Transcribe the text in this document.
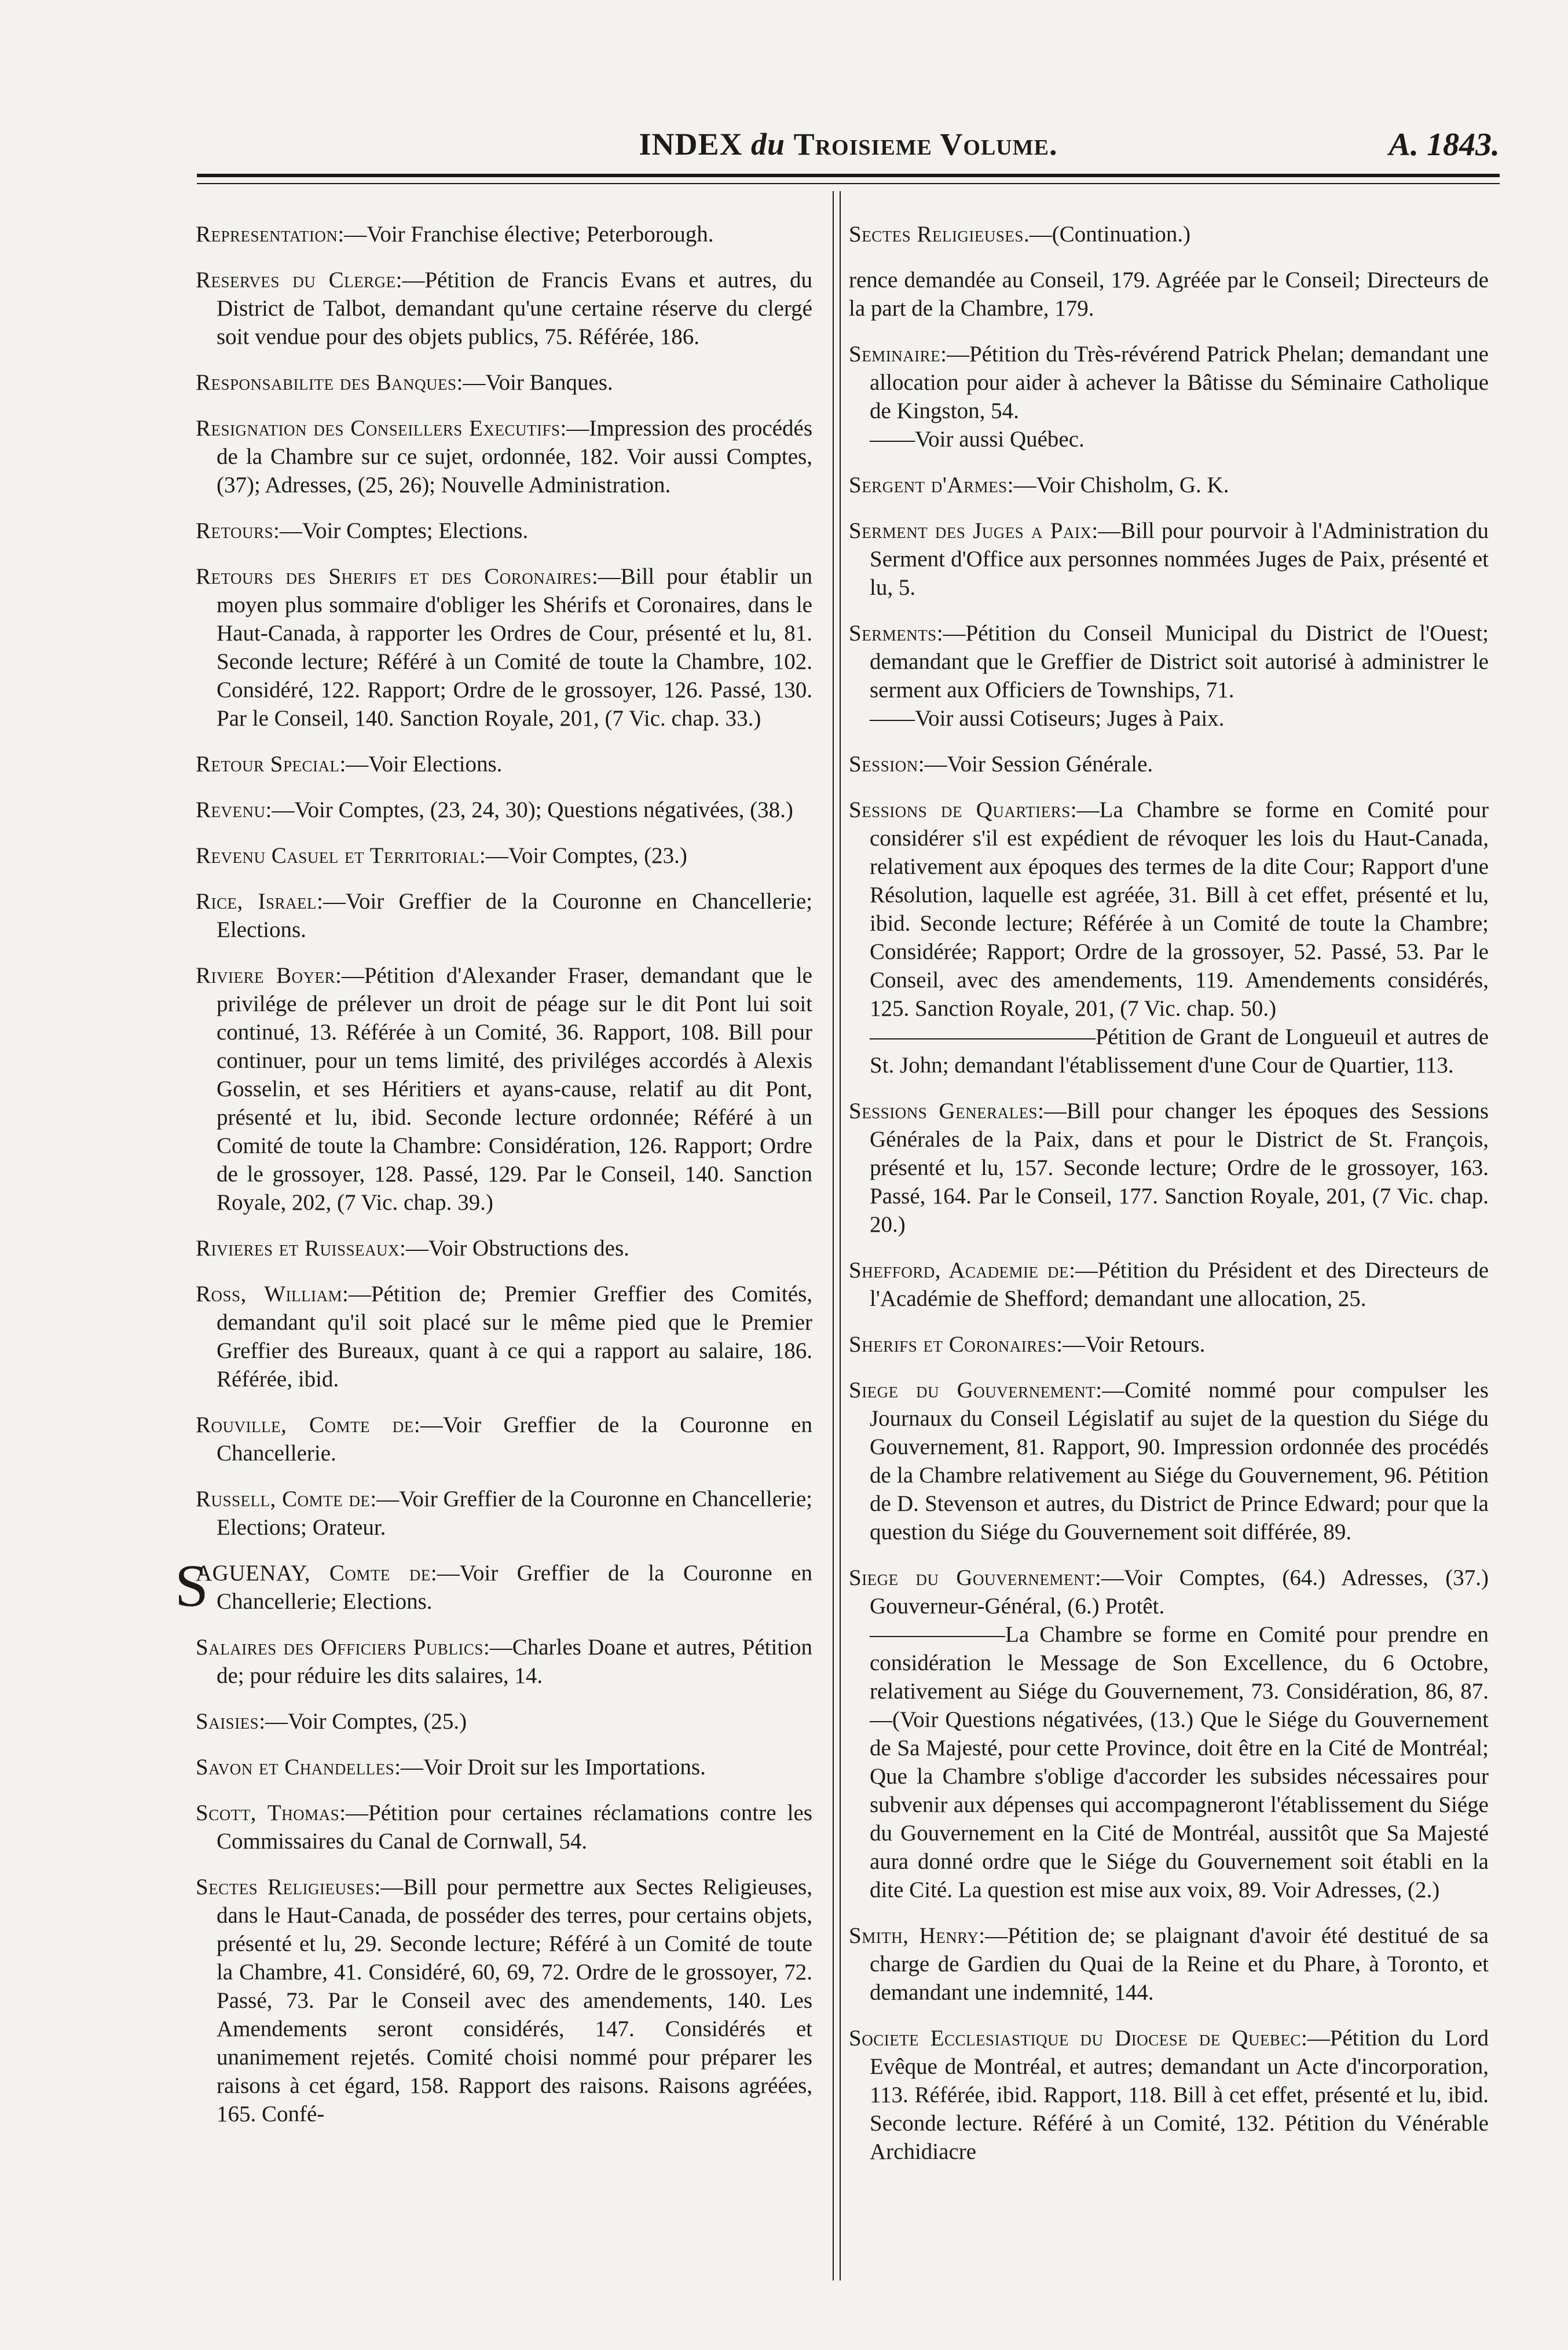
INDEX du Troisieme Volume.	A. 1843.
Representation:—Voir Franchise élective; Peterborough.
Reserves du Clerge:—Pétition de Francis Evans et autres, du District de Talbot, demandant qu'une certaine réserve du clergé soit vendue pour des objets publics, 75. Référée, 186.
Responsabilite des Banques:—Voir Banques.
Resignation des Conseillers Executifs:—Impression des procédés de la Chambre sur ce sujet, ordonnée, 182. Voir aussi Comptes, (37); Adresses, (25, 26); Nouvelle Administration.
Retours:—Voir Comptes; Elections.
Retours des Sherifs et des Coronaires:—Bill pour établir un moyen plus sommaire d'obliger les Shérifs et Coronaires, dans le Haut-Canada, à rapporter les Ordres de Cour, présenté et lu, 81. Seconde lecture; Référé à un Comité de toute la Chambre, 102. Considéré, 122. Rapport; Ordre de le grossoyer, 126. Passé, 130. Par le Conseil, 140. Sanction Royale, 201, (7 Vic. chap. 33.)
Retour Special:—Voir Elections.
Revenu:—Voir Comptes, (23, 24, 30); Questions négativées, (38.)
Revenu Casuel et Territorial:—Voir Comptes, (23.)
Rice, Israel:—Voir Greffier de la Couronne en Chancellerie; Elections.
Riviere Boyer:—Pétition d'Alexander Fraser, demandant que le privilége de prélever un droit de péage sur le dit Pont lui soit continué, 13. Référée à un Comité, 36. Rapport, 108. Bill pour continuer, pour un tems limité, des priviléges accordés à Alexis Gosselin, et ses Héritiers et ayans-cause, relatif au dit Pont, présenté et lu, ibid. Seconde lecture ordonnée; Référé à un Comité de toute la Chambre: Considération, 126. Rapport; Ordre de le grossoyer, 128. Passé, 129. Par le Conseil, 140. Sanction Royale, 202, (7 Vic. chap. 39.)
Rivieres et Ruisseaux:—Voir Obstructions des.
Ross, William:—Pétition de; Premier Greffier des Comités, demandant qu'il soit placé sur le même pied que le Premier Greffier des Bureaux, quant à ce qui a rapport au salaire, 186. Référée, ibid.
Rouville, Comte de:—Voir Greffier de la Couronne en Chancellerie.
Russell, Comte de:—Voir Greffier de la Couronne en Chancellerie; Elections; Orateur.
S
AGUENAY, Comte de:—Voir Greffier de la Couronne en Chancellerie; Elections.
Salaires des Officiers Publics:—Charles Doane et autres, Pétition de; pour réduire les dits salaires, 14.
Saisies:—Voir Comptes, (25.)
Savon et Chandelles:—Voir Droit sur les Importations.
Scott, Thomas:—Pétition pour certaines réclamations contre les Commissaires du Canal de Cornwall, 54.
Sectes Religieuses:—Bill pour permettre aux Sectes Religieuses, dans le Haut-Canada, de posséder des terres, pour certains objets, présenté et lu, 29. Seconde lecture; Référé à un Comité de toute la Chambre, 41. Considéré, 60, 69, 72. Ordre de le grossoyer, 72. Passé, 73. Par le Conseil avec des amendements, 140. Les Amendements seront considérés, 147. Considérés et unanimement rejetés. Comité choisi nommé pour préparer les raisons à cet égard, 158. Rapport des raisons. Raisons agréées, 165. Confé-
Sectes Religieuses.—(Continuation.)
rence demandée au Conseil, 179. Agréée par le Conseil; Directeurs de la part de la Chambre, 179.
Seminaire:—Pétition du Très-révérend Patrick Phelan; demandant une allocation pour aider à achever la Bâtisse du Séminaire Catholique de Kingston, 54.
——Voir aussi Québec.
Sergent d'Armes:—Voir Chisholm, G. K.
Serment des Juges a Paix:—Bill pour pourvoir à l'Administration du Serment d'Office aux personnes nommées Juges de Paix, présenté et lu, 5.
Serments:—Pétition du Conseil Municipal du District de l'Ouest; demandant que le Greffier de District soit autorisé à administrer le serment aux Officiers de Townships, 71.
——Voir aussi Cotiseurs; Juges à Paix.
Session:—Voir Session Générale.
Sessions de Quartiers:—La Chambre se forme en Comité pour considérer s'il est expédient de révoquer les lois du Haut-Canada, relativement aux époques des termes de la dite Cour; Rapport d'une Résolution, laquelle est agréée, 31. Bill à cet effet, présenté et lu, ibid. Seconde lecture; Référée à un Comité de toute la Chambre; Considérée; Rapport; Ordre de la grossoyer, 52. Passé, 53. Par le Conseil, avec des amendements, 119. Amendements considérés, 125. Sanction Royale, 201, (7 Vic. chap. 50.)
——————————Pétition de Grant de Longueuil et autres de St. John; demandant l'établissement d'une Cour de Quartier, 113.
Sessions Generales:—Bill pour changer les époques des Sessions Générales de la Paix, dans et pour le District de St. François, présenté et lu, 157. Seconde lecture; Ordre de le grossoyer, 163. Passé, 164. Par le Conseil, 177. Sanction Royale, 201, (7 Vic. chap. 20.)
Shefford, Academie de:—Pétition du Président et des Directeurs de l'Académie de Shefford; demandant une allocation, 25.
Sherifs et Coronaires:—Voir Retours.
Siege du Gouvernement:—Comité nommé pour compulser les Journaux du Conseil Législatif au sujet de la question du Siége du Gouvernement, 81. Rapport, 90. Impression ordonnée des procédés de la Chambre relativement au Siége du Gouvernement, 96. Pétition de D. Stevenson et autres, du District de Prince Edward; pour que la question du Siége du Gouvernement soit différée, 89.
Siege du Gouvernement:—Voir Comptes, (64.) Adresses, (37.) Gouverneur-Général, (6.) Protêt.
——————La Chambre se forme en Comité pour prendre en considération le Message de Son Excellence, du 6 Octobre, relativement au Siége du Gouvernement, 73. Considération, 86, 87.—(Voir Questions négativées, (13.) Que le Siége du Gouvernement de Sa Majesté, pour cette Province, doit être en la Cité de Montréal; Que la Chambre s'oblige d'accorder les subsides nécessaires pour subvenir aux dépenses qui accompagneront l'établissement du Siége du Gouvernement en la Cité de Montréal, aussitôt que Sa Majesté aura donné ordre que le Siége du Gouvernement soit établi en la dite Cité. La question est mise aux voix, 89. Voir Adresses, (2.)
Smith, Henry:—Pétition de; se plaignant d'avoir été destitué de sa charge de Gardien du Quai de la Reine et du Phare, à Toronto, et demandant une indemnité, 144.
Societe Ecclesiastique du Diocese de Quebec:—Pétition du Lord Evêque de Montréal, et autres; demandant un Acte d'incorporation, 113. Référée, ibid. Rapport, 118. Bill à cet effet, présenté et lu, ibid. Seconde lecture. Référé à un Comité, 132. Pétition du Vénérable Archidiacre
